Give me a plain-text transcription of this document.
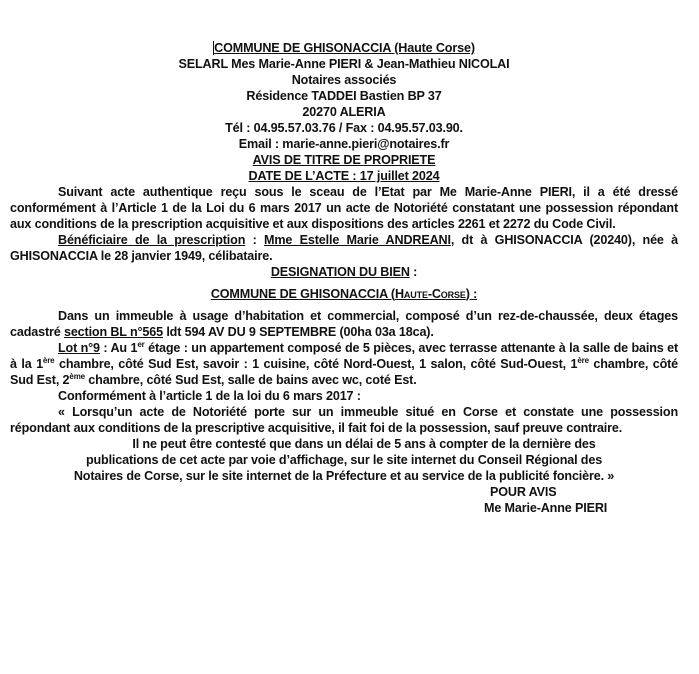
COMMUNE DE GHISONACCIA (Haute Corse)
SELARL Mes Marie-Anne PIERI & Jean-Mathieu NICOLAI
Notaires associés
Résidence TADDEI Bastien BP 37
20270 ALERIA
Tél : 04.95.57.03.76 / Fax : 04.95.57.03.90.
Email : marie-anne.pieri@notaires.fr
AVIS DE TITRE DE PROPRIETE
DATE DE L’ACTE : 17 juillet 2024

Suivant acte authentique reçu sous le sceau de l’Etat par Me Marie-Anne PIERI, il a été dressé conformément à l’Article 1 de la Loi du 6 mars 2017 un acte de Notoriété constatant une possession répondant aux conditions de la prescription acquisitive et aux dispositions des articles 2261 et 2272 du Code Civil.

Bénéficiaire de la prescription : Mme Estelle Marie ANDREANI, dt à GHISONACCIA (20240), née à GHISONACCIA le 28 janvier 1949, célibataire.

DESIGNATION DU BIEN :
COMMUNE DE GHISONACCIA (Haute-Corse) :

Dans un immeuble à usage d’habitation et commercial, composé d’un rez-de-chaussée, deux étages cadastré section BL n°565 ldt 594 AV DU 9 SEPTEMBRE (00ha 03a 18ca).

Lot n°9 : Au 1er étage : un appartement composé de 5 pièces, avec terrasse attenante à la salle de bains et à la 1ère chambre, côté Sud Est, savoir : 1 cuisine, côté Nord-Ouest, 1 salon, côté Sud-Ouest, 1ère chambre, côté Sud Est, 2ème chambre, côté Sud Est, salle de bains avec wc, coté Est.

Conformément à l’article 1 de la loi du 6 mars 2017 :

« Lorsqu’un acte de Notoriété porte sur un immeuble situé en Corse et constate une possession répondant aux conditions de la prescriptive acquisitive, il fait foi de la possession, sauf preuve contraire.

Il ne peut être contesté que dans un délai de 5 ans à compter de la dernière des

publications de cet acte par voie d’affichage, sur le site internet du Conseil Régional des

Notaires de Corse, sur le site internet de la Préfecture et au service de la publicité foncière. »

POUR AVIS
Me Marie-Anne PIERI
